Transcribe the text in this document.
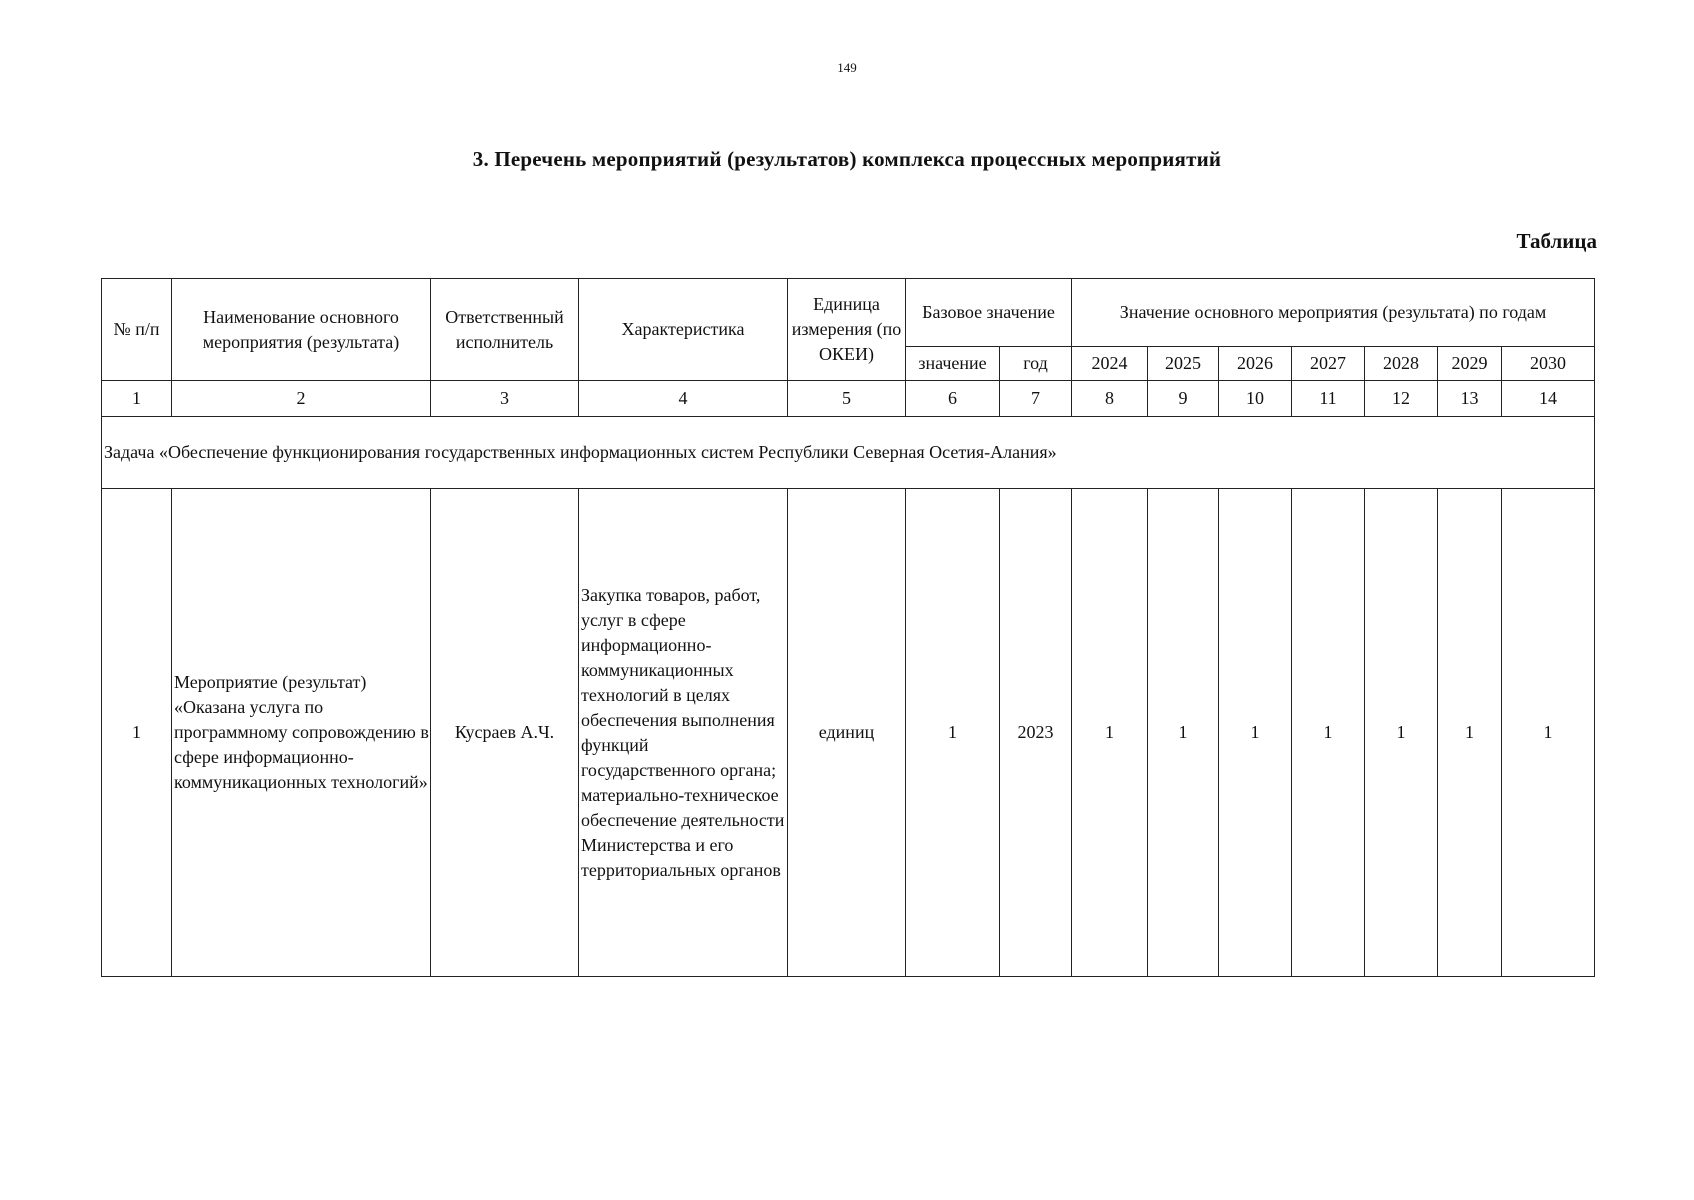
149
3. Перечень мероприятий (результатов) комплекса процессных мероприятий
Таблица
№ п/п	Наименование основного мероприятия (результата)	Ответственный исполнитель	Характеристика	Единица измерения (по ОКЕИ)	Базовое значение		Значение основного мероприятия (результата) по годам						
					значение	год	2024	2025	2026	2027	2028	2029	2030
1	2	3	4	5	6	7	8	9	10	11	12	13	14
Задача «Обеспечение функционирования государственных информационных систем Республики Северная Осетия-Алания»													
1	Мероприятие (результат) «Оказана услуга по программному сопровождению в сфере информационно-коммуникационных технологий»	Кусраев А.Ч.	Закупка товаров, работ, услуг в сфере информационно-коммуникационных технологий в целях обеспечения выполнения функций государственного органа; материально-техническое обеспечение деятельности Министерства и его территориальных органов	единиц	1	2023	1	1	1	1	1	1	1
